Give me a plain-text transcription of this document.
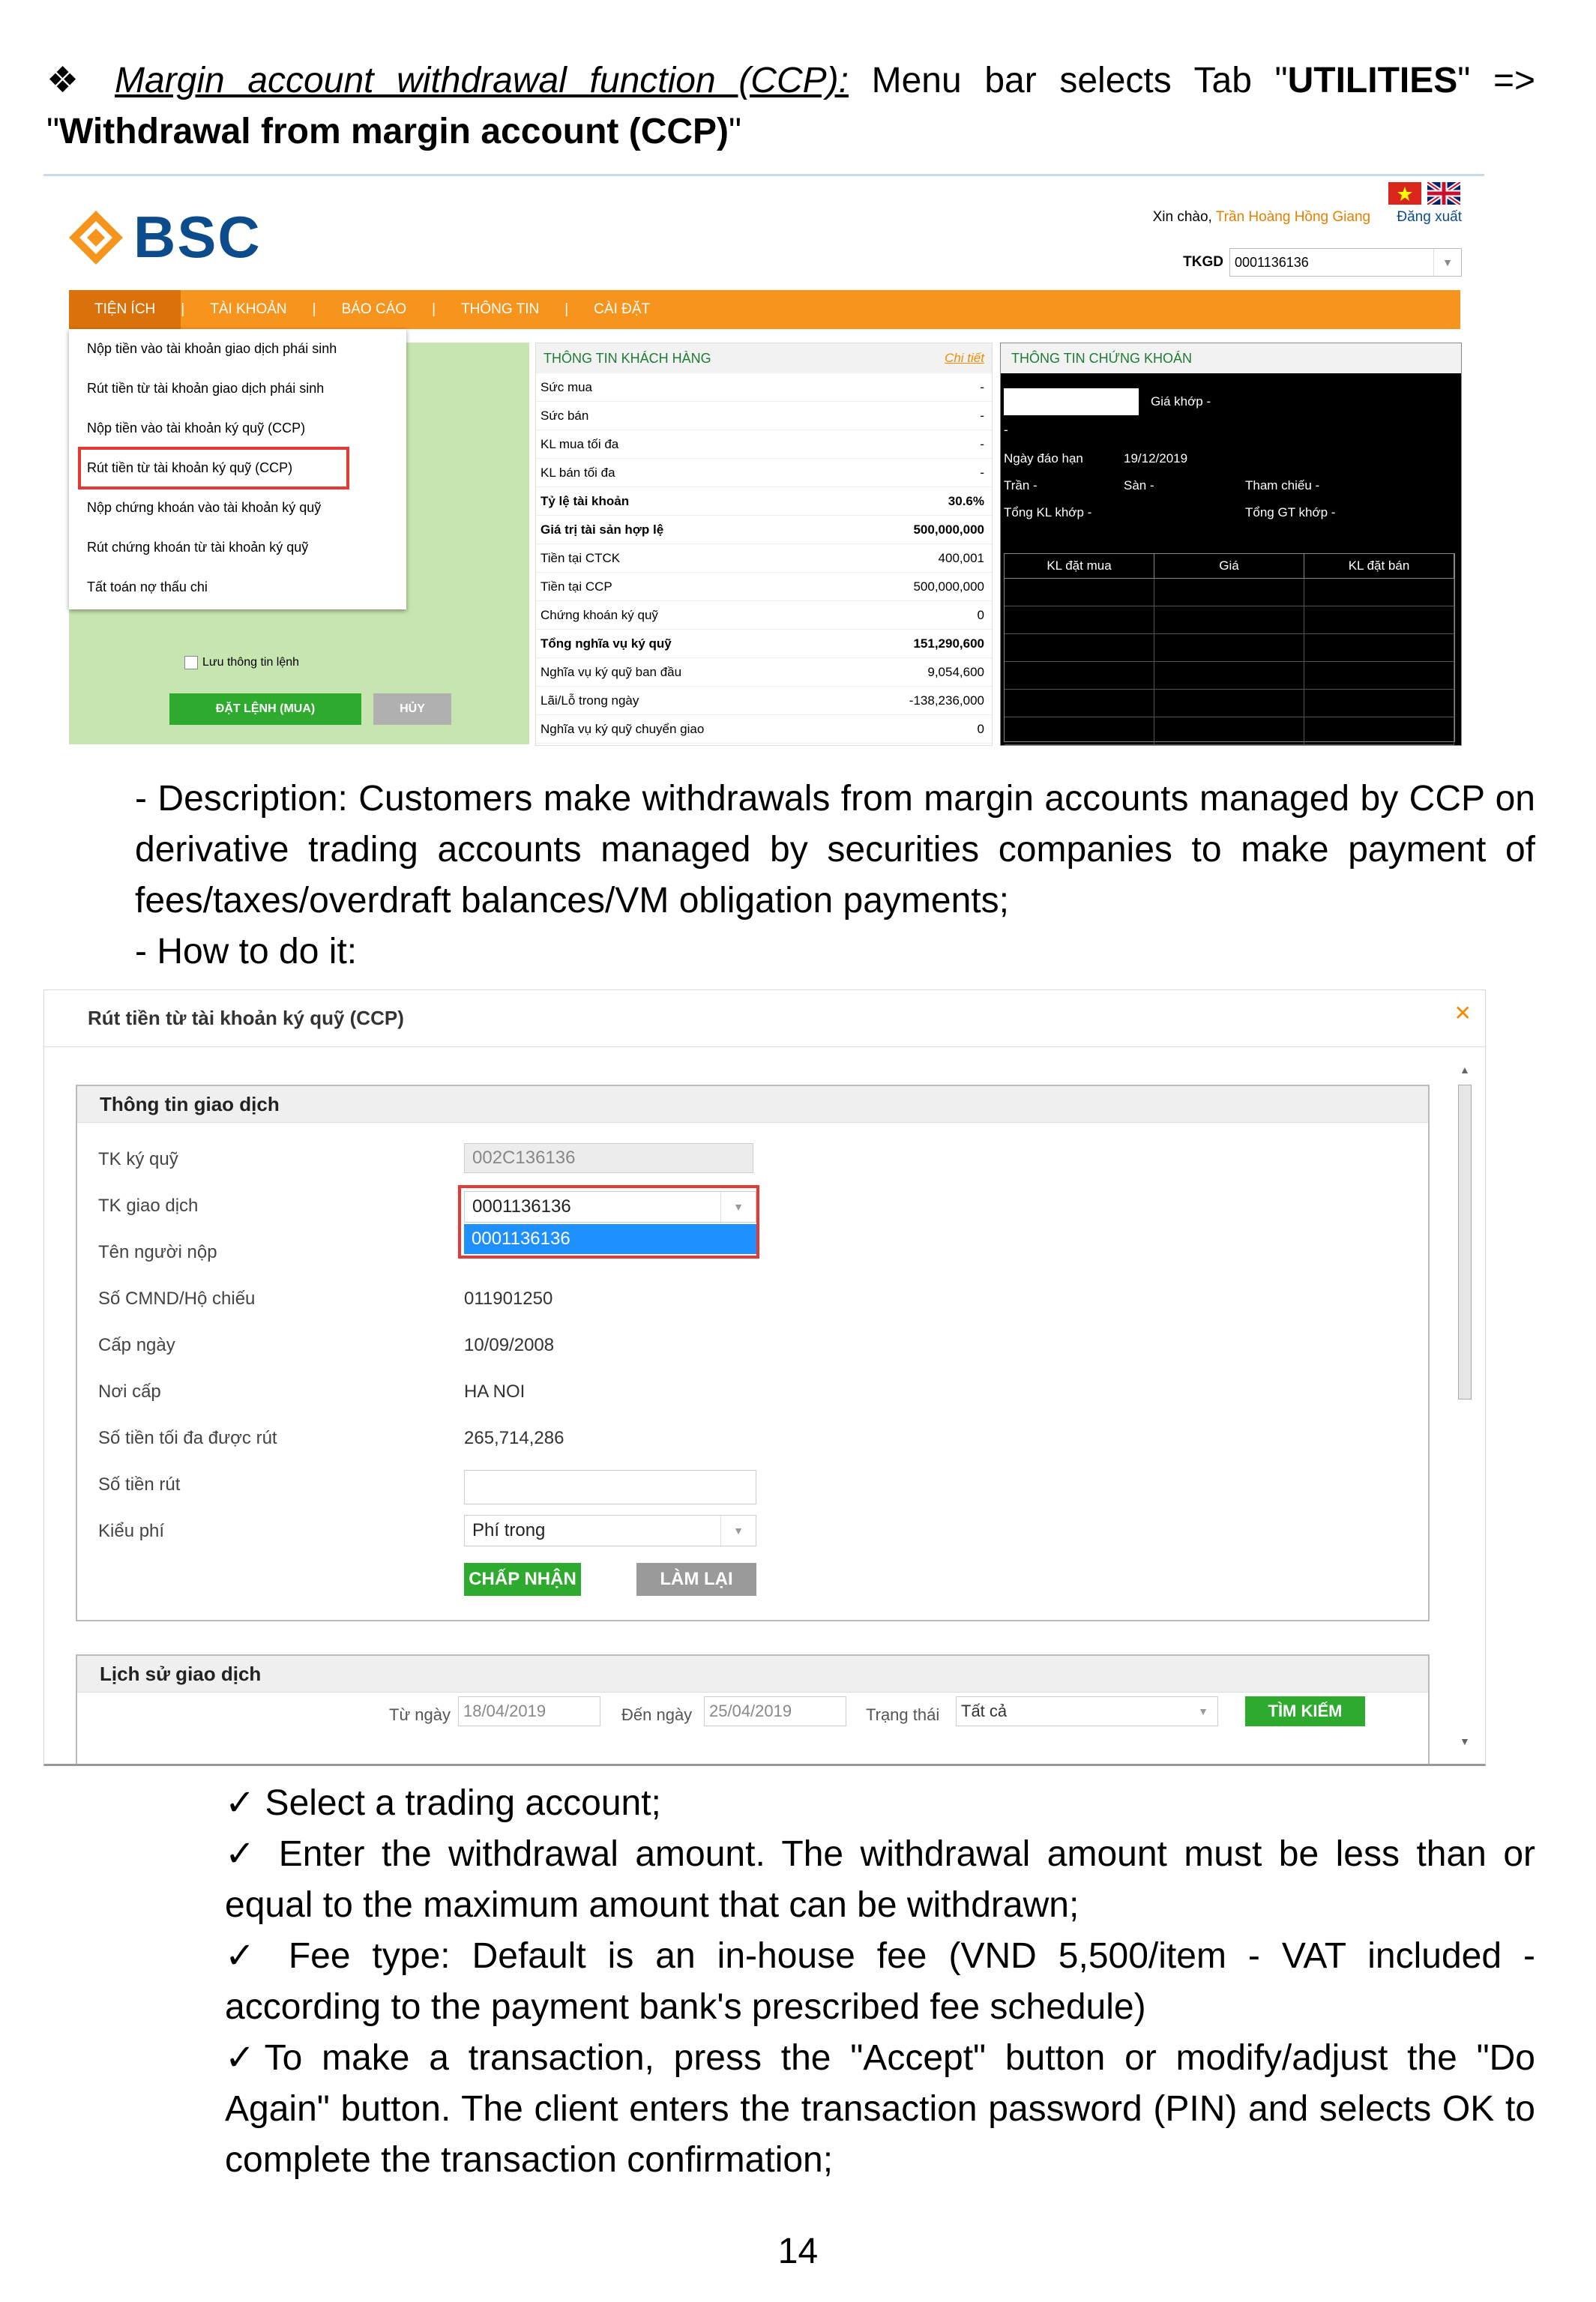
❖ Margin account withdrawal function (CCP): Menu bar selects Tab "UTILITIES" => "Withdrawal from margin account (CCP)"
BSC	Xin chào, Trần Hoàng Hồng Giang Đăng xuất
TKGD 0001136136	▼
TIỆN ÍCH	|	TÀI KHOẢN	|	BÁO CÁO	|	THÔNG TIN	|	CÀI ĐẶT
Lưu thông tin lệnh
ĐẶT LỆNH (MUA)	HỦY
Nộp tiền vào tài khoản giao dịch phái sinh
Rút tiền từ tài khoản giao dịch phái sinh
Nộp tiền vào tài khoản ký quỹ (CCP)
Rút tiền từ tài khoản ký quỹ (CCP)
Nộp chứng khoán vào tài khoản ký quỹ
Rút chứng khoán từ tài khoản ký quỹ
Tất toán nợ thấu chi
THÔNG TIN KHÁCH HÀNG	Chi tiết
Sức mua	-
Sức bán	-
KL mua tối đa	-
KL bán tối đa	-
Tỷ lệ tài khoản	30.6%
Giá trị tài sản hợp lệ	500,000,000
Tiền tại CTCK	400,001
Tiền tại CCP	500,000,000
Chứng khoán ký quỹ	0
Tổng nghĩa vụ ký quỹ	151,290,600
Nghĩa vụ ký quỹ ban đầu	9,054,600
Lãi/Lỗ trong ngày	-138,236,000
Nghĩa vụ ký quỹ chuyển giao	0
THÔNG TIN CHỨNG KHOÁN
Giá khớp -
-
Ngày đáo hạn	19/12/2019
Trần -	Sàn -	Tham chiếu -
Tổng KL khớp -	Tổng GT khớp -
KL đặt mua	Giá	KL đặt bán
- Description: Customers make withdrawals from margin accounts managed by CCP on derivative trading accounts managed by securities companies to make payment of fees/taxes/overdraft balances/VM obligation payments;
- How to do it:
Rút tiền từ tài khoản ký quỹ (CCP)	✕
Thông tin giao dịch
TK ký quỹ	002C136136
TK giao dịch	0001136136	▼
0001136136
Tên người nộp
Số CMND/Hộ chiếu	011901250
Cấp ngày	10/09/2008
Nơi cấp	HA NOI
Số tiền tối đa được rút	265,714,286
Số tiền rút
Kiểu phí	Phí trong	▼
CHẤP NHẬN	LÀM LẠI
Lịch sử giao dịch
Từ ngày 18/04/2019	Đến ngày 25/04/2019	Trạng thái Tất cả	▼	TÌM KIẾM
▲
▼

✓ Select a trading account;

✓ Enter the withdrawal amount. The withdrawal amount must be less than or equal to the maximum amount that can be withdrawn;

✓ Fee type: Default is an in-house fee (VND 5,500/item - VAT included - according to the payment bank's prescribed fee schedule)

✓To make a transaction, press the "Accept" button or modify/adjust the "Do Again" button. The client enters the transaction password (PIN) and selects OK to complete the transaction confirmation;

14
